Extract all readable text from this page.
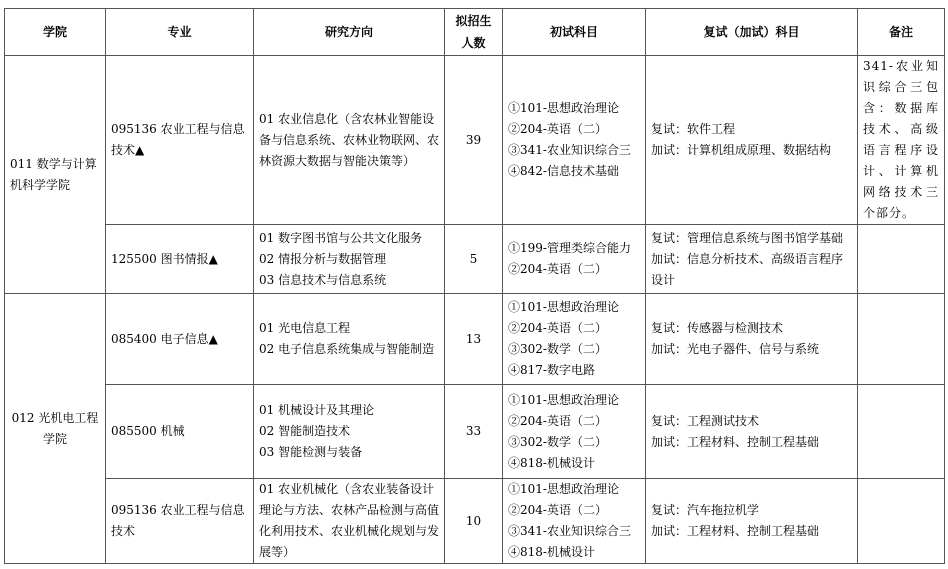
学院	专业	研究方向	拟招生人数	初试科目	复试（加试）科目	备注

011 数学与计算机科学学院	095136 农业工程与信息技术▲	01 农业信息化（含农林业智能设备与信息系统、农林业物联网、农林资源大数据与智能决策等）	39	①101-思想政治理论
②204-英语（二）
③341-农业知识综合三
④842-信息技术基础	复试：软件工程
加试：计算机组成原理、数据结构	341-农业知识综合三包含：数据库技术、高级语言程序设计、计算机网络技术三个部分。

	125500 图书情报▲	01 数字图书馆与公共文化服务
02 情报分析与数据管理
03 信息技术与信息系统	5	①199-管理类综合能力
②204-英语（二）	复试：管理信息系统与图书馆学基础
加试：信息分析技术、高级语言程序设计	

012 光机电工程学院	085400 电子信息▲	01 光电信息工程
02 电子信息系统集成与智能制造	13	①101-思想政治理论
②204-英语（二）
③302-数学（二）
④817-数字电路	复试：传感器与检测技术
加试：光电子器件、信号与系统	

	085500 机械	01 机械设计及其理论
02 智能制造技术
03 智能检测与装备	33	①101-思想政治理论
②204-英语（二）
③302-数学（二）
④818-机械设计	复试：工程测试技术
加试：工程材料、控制工程基础	

	095136 农业工程与信息技术	01 农业机械化（含农业装备设计理论与方法、农林产品检测与高值化利用技术、农业机械化规划与发展等）	10	①101-思想政治理论
②204-英语（二）
③341-农业知识综合三
④818-机械设计	复试：汽车拖拉机学
加试：工程材料、控制工程基础	
